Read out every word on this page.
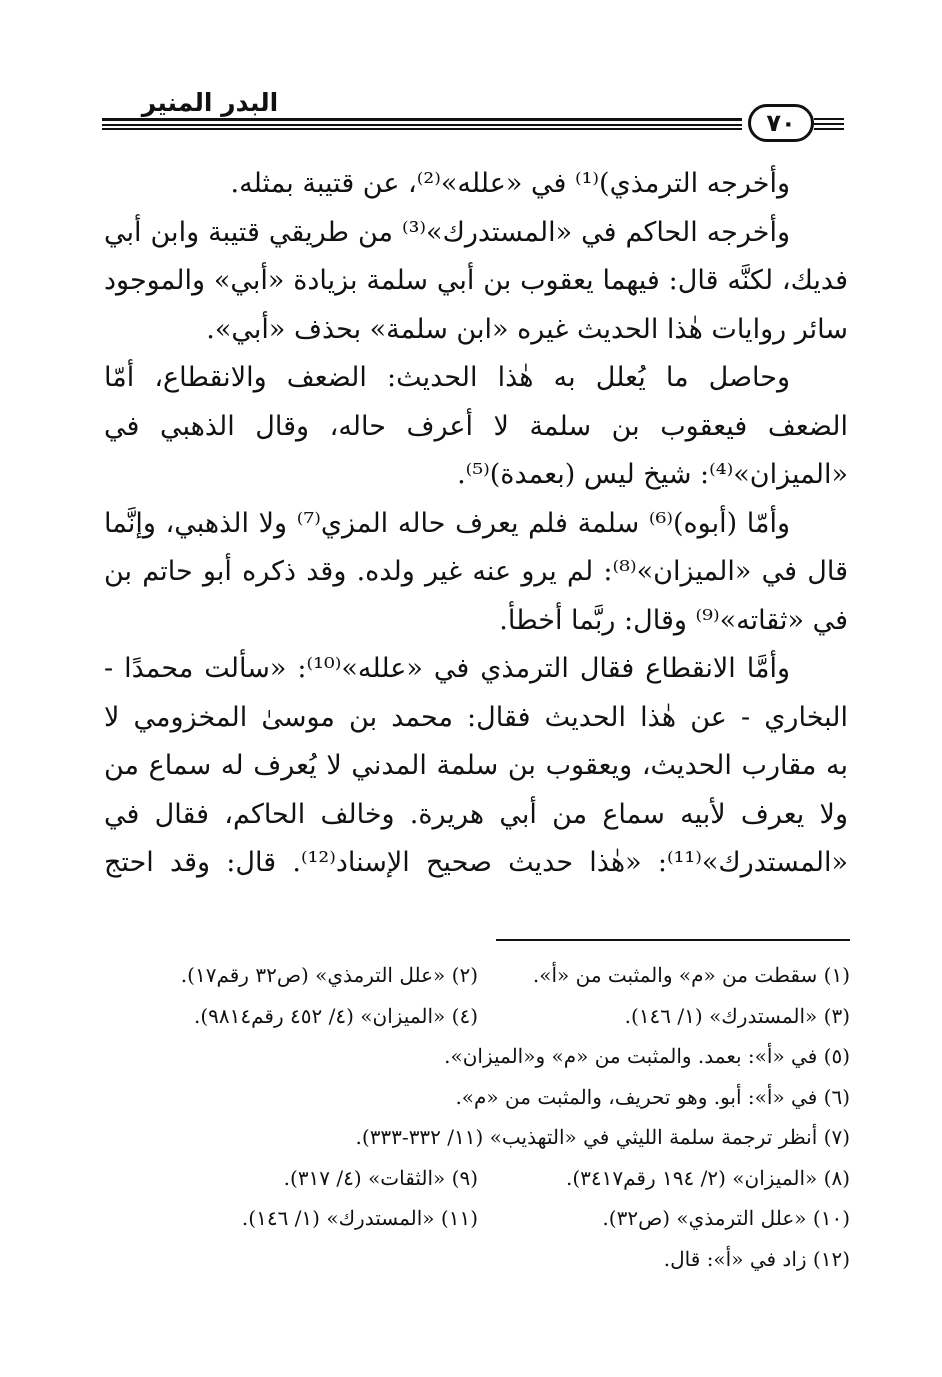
البدر المنير
٧٠
وأخرجه الترمذي)⁽¹⁾ في «علله»⁽²⁾، عن قتيبة بمثله.
وأخرجه الحاكم في «المستدرك»⁽³⁾ من طريقي قتيبة وابن أبي
فديك، لكنَّه قال: فيهما يعقوب بن أبي سلمة بزيادة «أبي» والموجود
سائر روايات هٰذا الحديث غيره «ابن سلمة» بحذف «أبي».
وحاصل ما يُعلل به هٰذا الحديث: الضعف والانقطاع، أمّا
الضعف فيعقوب بن سلمة لا أعرف حاله، وقال الذهبي في
«الميزان»⁽⁴⁾: شيخ ليس (بعمدة)⁽⁵⁾.
وأمّا (أبوه)⁽⁶⁾ سلمة فلم يعرف حاله المزي⁽⁷⁾ ولا الذهبي، وإنَّما
قال في «الميزان»⁽⁸⁾: لم يرو عنه غير ولده. وقد ذكره أبو حاتم بن
في «ثقاته»⁽⁹⁾ وقال: ربَّما أخطأ.
وأمَّا الانقطاع فقال الترمذي في «علله»⁽¹⁰⁾: «سألت محمدًا -
البخاري - عن هٰذا الحديث فقال: محمد بن موسىٰ المخزومي لا
به مقارب الحديث، ويعقوب بن سلمة المدني لا يُعرف له سماع من
ولا يعرف لأبيه سماع من أبي هريرة. وخالف الحاكم، فقال في
«المستدرك»⁽¹¹⁾: «هٰذا حديث صحيح الإسناد⁽¹²⁾. قال: وقد احتج
(١) سقطت من «م» والمثبت من «أ».
(٢) «علل الترمذي» (ص٣٢ رقم١٧).
(٣) «المستدرك» (١/ ١٤٦).
(٤) «الميزان» (٤/ ٤٥٢ رقم٩٨١٤).
(٥) في «أ»: بعمد. والمثبت من «م» و«الميزان».
(٦) في «أ»: أبو. وهو تحريف، والمثبت من «م».
(٧) أنظر ترجمة سلمة الليثي في «التهذيب» (١١/ ٣٣٢-٣٣٣).
(٨) «الميزان» (٢/ ١٩٤ رقم٣٤١٧).
(٩) «الثقات» (٤/ ٣١٧).
(١٠) «علل الترمذي» (ص٣٢).
(١١) «المستدرك» (١/ ١٤٦).
(١٢) زاد في «أ»: قال.
